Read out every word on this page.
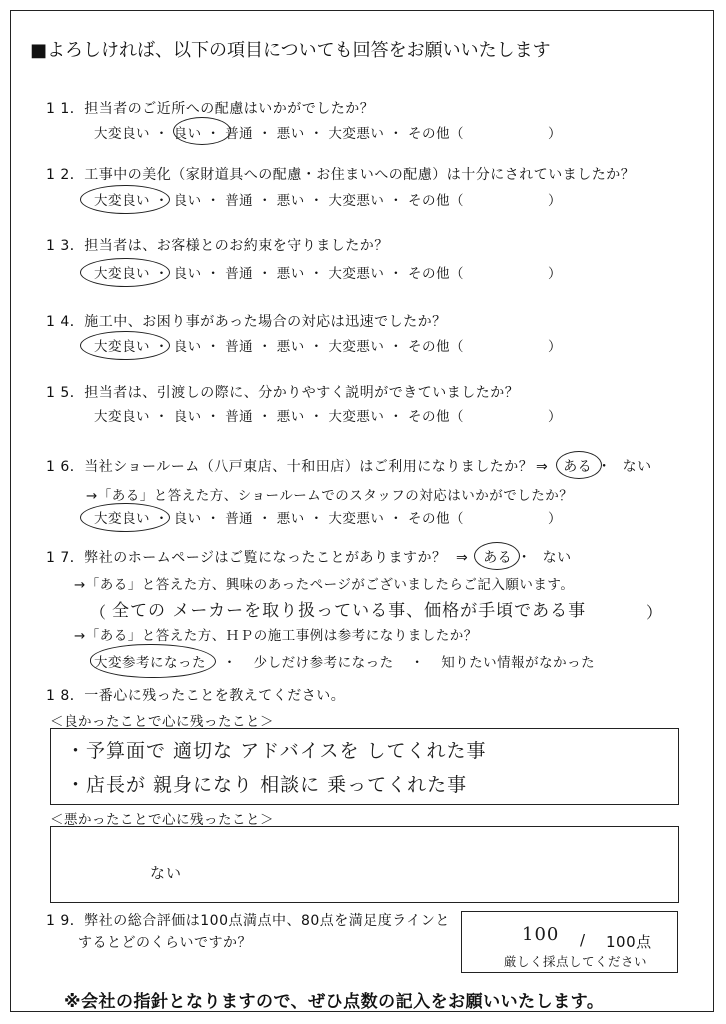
■よろしければ、以下の項目についても回答をお願いいたします
1 1．担当者のご近所への配慮はいかがでしたか？
大変良い ・ 良い ・ 普通 ・ 悪い ・ 大変悪い ・ その他（	）
1 2．工事中の美化（家財道具への配慮・お住まいへの配慮）は十分にされていましたか？
大変良い ・ 良い ・ 普通 ・ 悪い ・ 大変悪い ・ その他（	）
1 3．担当者は、お客様とのお約束を守りましたか？
大変良い ・ 良い ・ 普通 ・ 悪い ・ 大変悪い ・ その他（	）
1 4．施工中、お困り事があった場合の対応は迅速でしたか？
大変良い ・ 良い ・ 普通 ・ 悪い ・ 大変悪い ・ その他（	）
1 5．担当者は、引渡しの際に、分かりやすく説明ができていましたか？
大変良い ・ 良い ・ 普通 ・ 悪い ・ 大変悪い ・ その他（	）
1 6．当社ショールーム（八戸東店、十和田店）はご利用になりましたか？ ⇒ ある ・ ない
→「ある」と答えた方、ショールームでのスタッフの対応はいかがでしたか？
大変良い ・ 良い ・ 普通 ・ 悪い ・ 大変悪い ・ その他（	）
1 7．弊社のホームページはご覧になったことがありますか？ ⇒ ある ・ ない
→「ある」と答えた方、興味のあったページがございましたらご記入願います。
（ 全ての メーカーを取り扱っている事、価格が手頃である事	）
→「ある」と答えた方、ＨＰの施工事例は参考になりましたか？
大変参考になった ・ 少しだけ参考になった ・ 知りたい情報がなかった
1 8．一番心に残ったことを教えてください。
＜良かったことで心に残ったこと＞
・予算面で 適切な アドバイスを してくれた事
・店長が 親身になり 相談に 乗ってくれた事
＜悪かったことで心に残ったこと＞
ない
1 9．弊社の総合評価は100点満点中、80点を満足度ラインと
するとどのくらいですか？	100 / 100点
厳しく採点してください
※会社の指針となりますので、ぜひ点数の記入をお願いいたします。
